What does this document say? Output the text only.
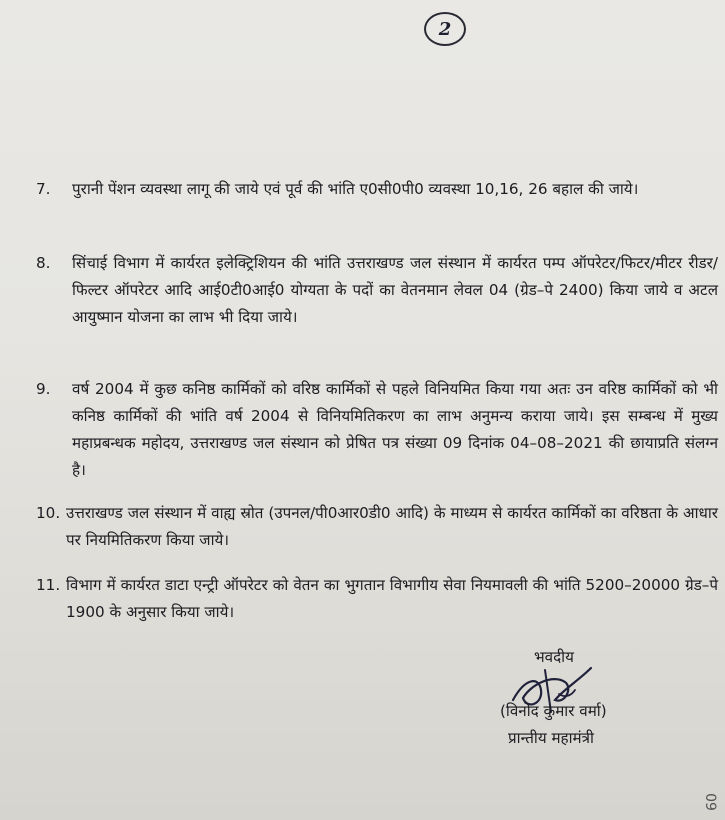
2
7. पुरानी पेंशन व्यवस्था लागू की जाये एवं पूर्व की भांति ए0सी0पी0 व्यवस्था 10,16, 26 बहाल की जाये।
8. सिंचाई विभाग में कार्यरत इलेक्ट्रिशियन की भांति उत्तराखण्ड जल संस्थान में कार्यरत पम्प ऑपरेटर/फिटर/मीटर रीडर/फिल्टर ऑपरेटर आदि आई0टी0आई0 योग्यता के पदों का वेतनमान लेवल 04 (ग्रेड–पे 2400) किया जाये व अटल आयुष्मान योजना का लाभ भी दिया जाये।
9. वर्ष 2004 में कुछ कनिष्ठ कार्मिकों को वरिष्ठ कार्मिकों से पहले विनियमित किया गया अतः उन वरिष्ठ कार्मिकों को भी कनिष्ठ कार्मिकों की भांति वर्ष 2004 से विनियमितिकरण का लाभ अनुमन्य कराया जाये। इस सम्बन्ध में मुख्य महाप्रबन्धक महोदय, उत्तराखण्ड जल संस्थान को प्रेषित पत्र संख्या 09 दिनांक 04–08–2021 की छायाप्रति संलग्न है।
10. उत्तराखण्ड जल संस्थान में वाह्य स्रोत (उपनल/पी0आर0डी0 आदि) के माध्यम से कार्यरत कार्मिकों का वरिष्ठता के आधार पर नियमितिकरण किया जाये।
11. विभाग में कार्यरत डाटा एन्ट्री ऑपरेटर को वेतन का भुगतान विभागीय सेवा नियमावली की भांति 5200–20000 ग्रेड–पे 1900 के अनुसार किया जाये।
भवदीय
(विनोद कुमार वर्मा)
प्रान्तीय महामंत्री
09
